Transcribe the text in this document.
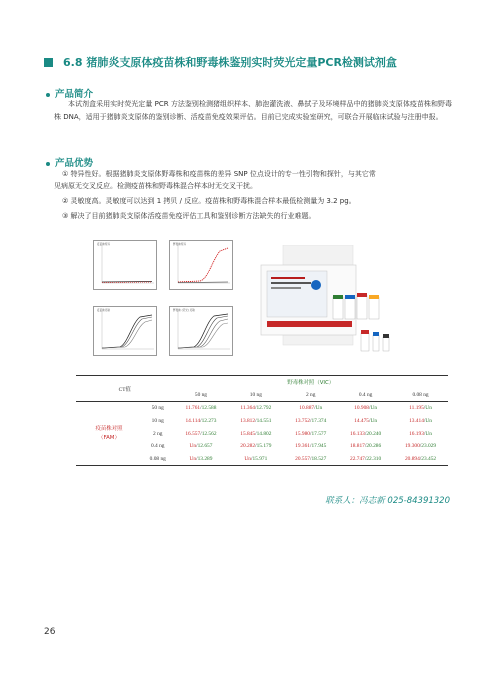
6.8 猪肺炎支原体疫苗株和野毒株鉴别实时荧光定量PCR检测试剂盒
产品简介

本试剂盒采用实时荧光定量 PCR 方法鉴别检测猪组织样本、肺泡灌洗液、鼻拭子及环境样品中的猪肺炎支原体疫苗株和野毒株 DNA，适用于猪肺炎支原体的鉴别诊断、活疫苗免疫效果评估。目前已完成实验室研究，可联合开展临床试验与注册申报。

产品优势
① 特异性好。根据猪肺炎支原体野毒株和疫苗株的差异 SNP 位点设计的专一性引物和探针，与其它常
见病原无交叉反应。检测疫苗株和野毒株混合样本时无交叉干扰。
② 灵敏度高。灵敏度可以达到 1 拷贝 / 反应。疫苗株和野毒株混合样本最低检测量为 3.2 pg。
③ 解决了目前猪肺炎支原体活疫苗免疫评估工具和鉴别诊断方法缺失的行业难题。
疫苗株特异	野毒株特异
疫苗株灵敏	野毒株 (荧光) 灵敏
CT值		野毒株对照（VIC）				
		50 ng	10 ng	2 ng	0.4 ng	0.08 ng
疫苗株对照
（FAM）	50 ng	11.761/12.588	11.364/12.792	10.887/Un	10.908/Un	11.195/Un
	10 ng	14.114/12.273	13.812/14.551	13.752/17.374	14.475/Un	13.414/Un
	2 ng	16.557/12.562	15.845/14.802	15.980/17.577	16.133/20.240	16.193/Un
	0.4 ng	Un/12.657	20.282/15.179	19.361/17.945	18.817/20.286	19.300/23.029
	0.08 ng	Un/13.289	Un/15.971	20.557/18.527	22.747/22.310	20.894/23.452
联系人：冯志新 025-84391320
26
